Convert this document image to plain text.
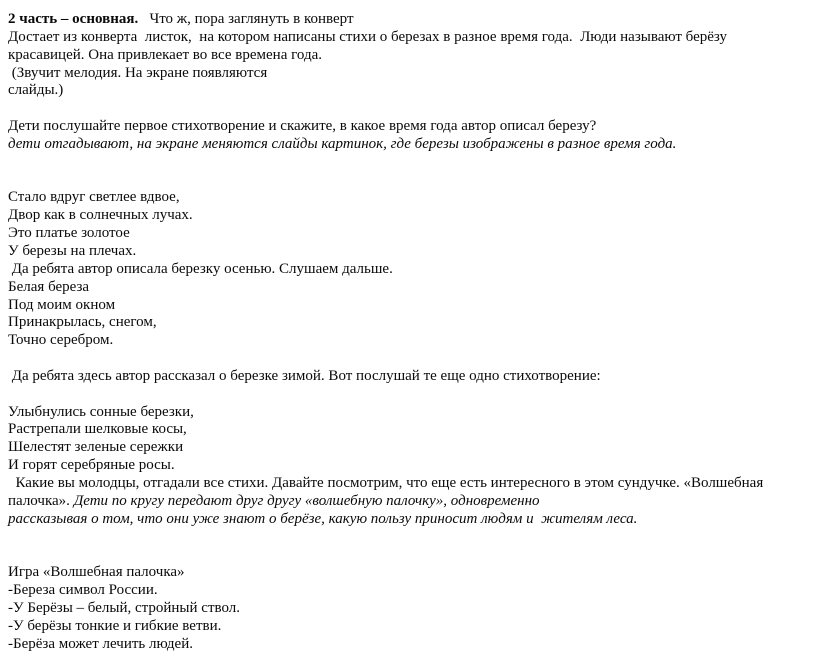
2 часть – основная.   Что ж, пора заглянуть в конверт
Достает из конверта  листок,  на котором написаны стихи о березах в разное время года.  Люди называют берёзу
красавицей. Она привлекает во все времена года.
(Звучит мелодия. На экране появляются
слайды.)

Дети послушайте первое стихотворение и скажите, в какое время года автор описал березу?
дети отгадывают, на экране меняются слайды картинок, где березы изображены в разное время года.

Стало вдруг светлее вдвое,
Двор как в солнечных лучах.
Это платье золотое
У березы на плечах.
Да ребята автор описала березку осенью. Слушаем дальше.
Белая береза
Под моим окном
Принакрылась, снегом,
Точно серебром.

Да ребята здесь автор рассказал о березке зимой. Вот послушай те еще одно стихотворение:

Улыбнулись сонные березки,
Растрепали шелковые косы,
Шелестят зеленые сережки
И горят серебряные росы.
Какие вы молодцы, отгадали все стихи. Давайте посмотрим, что еще есть интересного в этом сундучке. «Волшебная
палочка». Дети по кругу передают друг другу «волшебную палочку», одновременно
рассказывая о том, что они уже знают о берёзе, какую пользу приносит людям и  жителям леса.

Игра «Волшебная палочка»
-Береза символ России.
-У Берёзы – белый, стройный ствол.
-У берёзы тонкие и гибкие ветви.
-Берёза может лечить людей.
